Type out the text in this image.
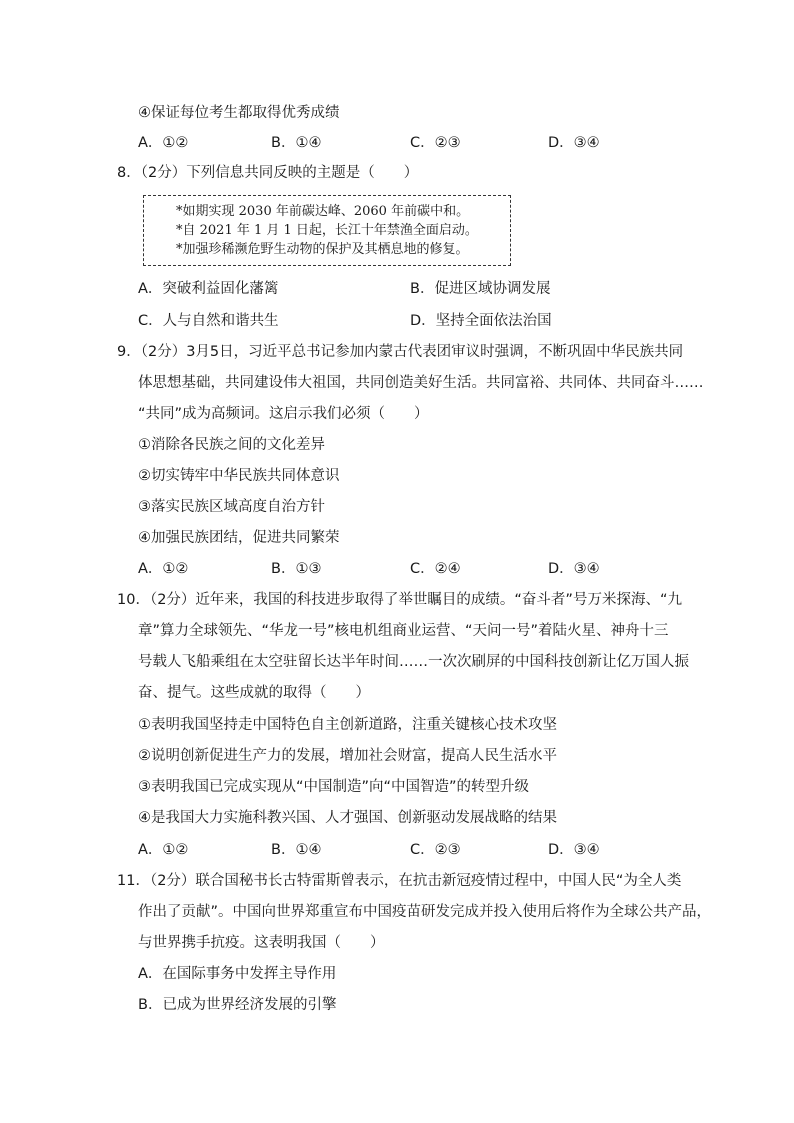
④保证每位考生都取得优秀成绩
A．①②	B．①④	C．②③	D．③④
8．（2分）下列信息共同反映的主题是（　　）
*如期实现 2030 年前碳达峰、2060 年前碳中和。
*自 2021 年 1 月 1 日起，长江十年禁渔全面启动。
*加强珍稀濒危野生动物的保护及其栖息地的修复。
A．突破利益固化藩篱	B．促进区域协调发展
C．人与自然和谐共生	D．坚持全面依法治国
9．（2分）3月5日，习近平总书记参加内蒙古代表团审议时强调，不断巩固中华民族共同
体思想基础，共同建设伟大祖国，共同创造美好生活。共同富裕、共同体、共同奋斗……
“共同”成为高频词。这启示我们必须（　　）
①消除各民族之间的文化差异
②切实铸牢中华民族共同体意识
③落实民族区域高度自治方针
④加强民族团结，促进共同繁荣
A．①②	B．①③	C．②④	D．③④
10．（2分）近年来，我国的科技进步取得了举世瞩目的成绩。“奋斗者”号万米探海、“九
章”算力全球领先、“华龙一号”核电机组商业运营、“天问一号”着陆火星、神舟十三
号载人飞船乘组在太空驻留长达半年时间……一次次刷屏的中国科技创新让亿万国人振
奋、提气。这些成就的取得（　　）
①表明我国坚持走中国特色自主创新道路，注重关键核心技术攻坚
②说明创新促进生产力的发展，增加社会财富，提高人民生活水平
③表明我国已完成实现从“中国制造”向“中国智造”的转型升级
④是我国大力实施科教兴国、人才强国、创新驱动发展战略的结果
A．①②	B．①④	C．②③	D．③④
11．（2分）联合国秘书长古特雷斯曾表示，在抗击新冠疫情过程中，中国人民“为全人类
作出了贡献”。中国向世界郑重宣布中国疫苗研发完成并投入使用后将作为全球公共产品，
与世界携手抗疫。这表明我国（　　）
A．在国际事务中发挥主导作用
B．已成为世界经济发展的引擎
